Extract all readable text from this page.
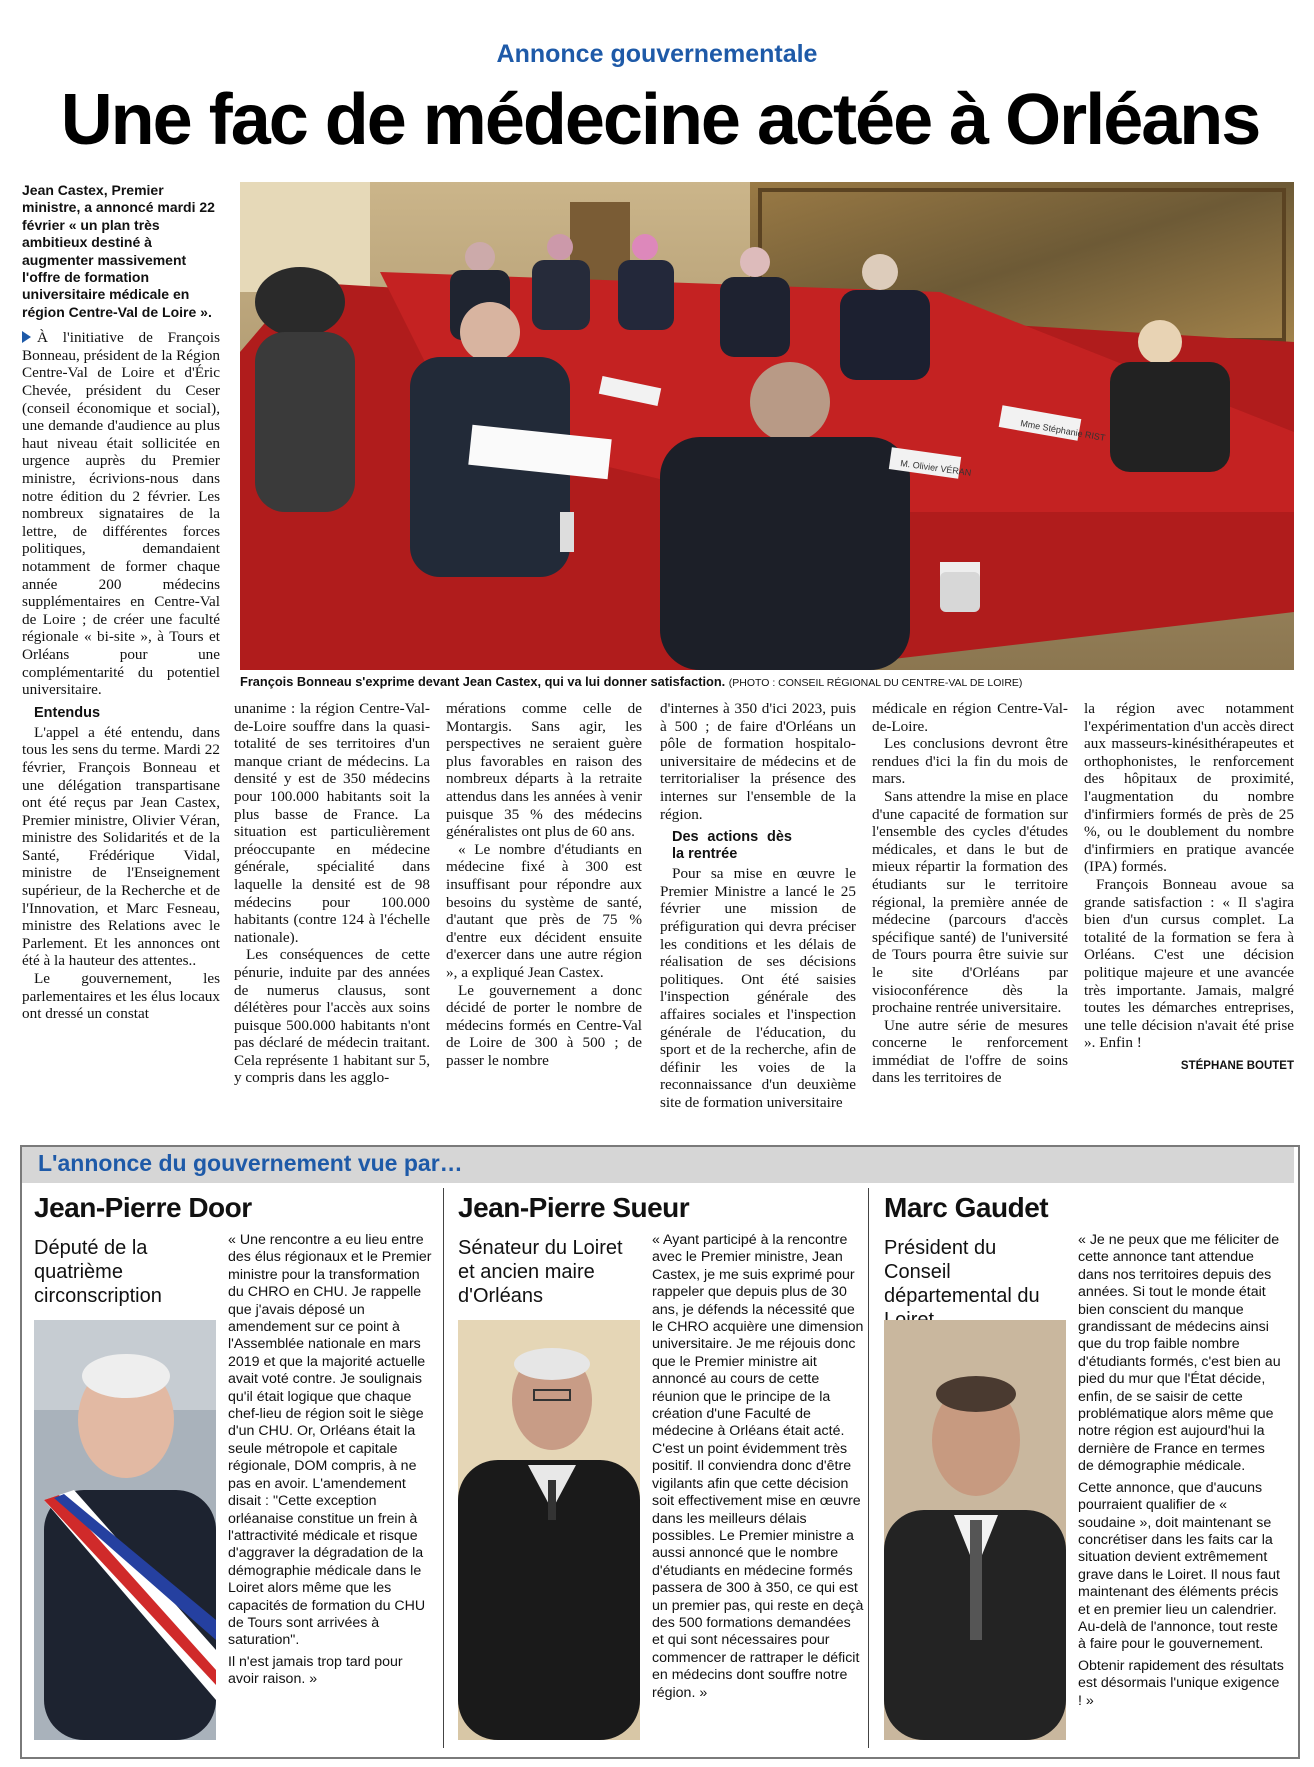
Annonce gouvernementale
Une fac de médecine actée à Orléans
Jean Castex, Premier ministre, a annoncé mardi 22 février « un plan très ambitieux destiné à augmenter massivement l'offre de formation universitaire médicale en région Centre-Val de Loire ».

À l'initiative de François Bonneau, président de la Région Centre-Val de Loire et d'Éric Chevée, président du Ceser (conseil économique et social), une demande d'audience au plus haut niveau était sollicitée en urgence auprès du Premier ministre, écrivions-nous dans notre édition du 2 février. Les nombreux signataires de la lettre, de différentes forces politiques, demandaient notamment de former chaque année 200 médecins supplémentaires en Centre-Val de Loire ; de créer une faculté régionale « bi-site », à Tours et Orléans pour une complémentarité du potentiel universitaire.

Entendus

L'appel a été entendu, dans tous les sens du terme. Mardi 22 février, François Bonneau et une délégation transpartisane ont été reçus par Jean Castex, Premier ministre, Olivier Véran, ministre des Solidarités et de la Santé, Frédérique Vidal, ministre de l'Enseignement supérieur, de la Recherche et de l'Innovation, et Marc Fesneau, ministre des Relations avec le Parlement. Et les annonces ont été à la hauteur des attentes..

Le gouvernement, les parlementaires et les élus locaux ont dressé un constat

M. Olivier VÉRAN
Mme Stéphanie RIST
François Bonneau s'exprime devant Jean Castex, qui va lui donner satisfaction. (PHOTO : CONSEIL RÉGIONAL DU CENTRE-VAL DE LOIRE)

unanime : la région Centre-Val-de-Loire souffre dans la quasi-totalité de ses territoires d'un manque criant de médecins. La densité y est de 350 médecins pour 100.000 habitants soit la plus basse de France. La situation est particulièrement préoccupante en médecine générale, spécialité dans laquelle la densité est de 98 médecins pour 100.000 habitants (contre 124 à l'échelle nationale).

Les conséquences de cette pénurie, induite par des années de numerus clausus, sont délétères pour l'accès aux soins puisque 500.000 habitants n'ont pas déclaré de médecin traitant. Cela représente 1 habitant sur 5, y compris dans les agglo-

mérations comme celle de Montargis. Sans agir, les perspectives ne seraient guère plus favorables en raison des nombreux départs à la retraite attendus dans les années à venir puisque 35 % des médecins généralistes ont plus de 60 ans.

« Le nombre d'étudiants en médecine fixé à 300 est insuffisant pour répondre aux besoins du système de santé, d'autant que près de 75 % d'entre eux décident ensuite d'exercer dans une autre région », a expliqué Jean Castex.

Le gouvernement a donc décidé de porter le nombre de médecins formés en Centre-Val de Loire de 300 à 500 ; de passer le nombre

d'internes à 350 d'ici 2023, puis à 500 ; de faire d'Orléans un pôle de formation hospitalo-universitaire de médecins et de territorialiser la présence des internes sur l'ensemble de la région.

Des actions dès la rentrée

Pour sa mise en œuvre le Premier Ministre a lancé le 25 février une mission de préfiguration qui devra préciser les conditions et les délais de réalisation de ses décisions politiques. Ont été saisies l'inspection générale des affaires sociales et l'inspection générale de l'éducation, du sport et de la recherche, afin de définir les voies de la reconnaissance d'un deuxième site de formation universitaire

médicale en région Centre-Val-de-Loire.

Les conclusions devront être rendues d'ici la fin du mois de mars.

Sans attendre la mise en place d'une capacité de formation sur l'ensemble des cycles d'études médicales, et dans le but de mieux répartir la formation des étudiants sur le territoire régional, la première année de médecine (parcours d'accès spécifique santé) de l'université de Tours pourra être suivie sur le site d'Orléans par visioconférence dès la prochaine rentrée universitaire.

Une autre série de mesures concerne le renforcement immédiat de l'offre de soins dans les territoires de

la région avec notamment l'expérimentation d'un accès direct aux masseurs-kinésithérapeutes et orthophonistes, le renforcement des hôpitaux de proximité, l'augmentation du nombre d'infirmiers formés de près de 25 %, ou le doublement du nombre d'infirmiers en pratique avancée (IPA) formés.

François Bonneau avoue sa grande satisfaction : « Il s'agira bien d'un cursus complet. La totalité de la formation se fera à Orléans. C'est une décision politique majeure et une avancée très importante. Jamais, malgré toutes les démarches entreprises, une telle décision n'avait été prise ». Enfin !

STÉPHANE BOUTET
L'annonce du gouvernement vue par…
Jean-Pierre Door
Député de la quatrième circonscription

« Une rencontre a eu lieu entre des élus régionaux et le Premier ministre pour la transformation du CHRO en CHU. Je rappelle que j'avais déposé un amendement sur ce point à l'Assemblée nationale en mars 2019 et que la majorité actuelle avait voté contre. Je soulignais qu'il était logique que chaque chef-lieu de région soit le siège d'un CHU. Or, Orléans était la seule métropole et capitale régionale, DOM compris, à ne pas en avoir. L'amendement disait : "Cette exception orléanaise constitue un frein à l'attractivité médicale et risque d'aggraver la dégradation de la démographie médicale dans le Loiret alors même que les capacités de formation du CHU de Tours sont arrivées à saturation".

Il n'est jamais trop tard pour avoir raison. »

Jean-Pierre Sueur
Sénateur du Loiret et ancien maire d'Orléans

« Ayant participé à la rencontre avec le Premier ministre, Jean Castex, je me suis exprimé pour rappeler que depuis plus de 30 ans, je défends la nécessité que le CHRO acquière une dimension universitaire. Je me réjouis donc que le Premier ministre ait annoncé au cours de cette réunion que le principe de la création d'une Faculté de médecine à Orléans était acté. C'est un point évidemment très positif. Il conviendra donc d'être vigilants afin que cette décision soit effectivement mise en œuvre dans les meilleurs délais possibles. Le Premier ministre a aussi annoncé que le nombre d'étudiants en médecine formés passera de 300 à 350, ce qui est un premier pas, qui reste en deçà des 500 formations demandées et qui sont nécessaires pour commencer de rattraper le déficit en médecins dont souffre notre région. »

Marc Gaudet
Président du Conseil départemental du

« Je ne peux que me féliciter de cette annonce tant attendue dans nos territoires depuis des années. Si tout le monde était bien conscient du manque grandissant de médecins ainsi que du trop faible nombre d'étudiants formés, c'est bien au pied du mur que l'État décide, enfin, de se saisir de cette problématique alors même que notre région est aujourd'hui la dernière de France en termes de démographie médicale.

Cette annonce, que d'aucuns pourraient qualifier de « soudaine », doit maintenant se concrétiser dans les faits car la situation devient extrêmement grave dans le Loiret. Il nous faut maintenant des éléments précis et en premier lieu un calendrier. Au-delà de l'annonce, tout reste à faire pour le gouvernement.

Obtenir rapidement des résultats est désormais l'unique exigence ! »
